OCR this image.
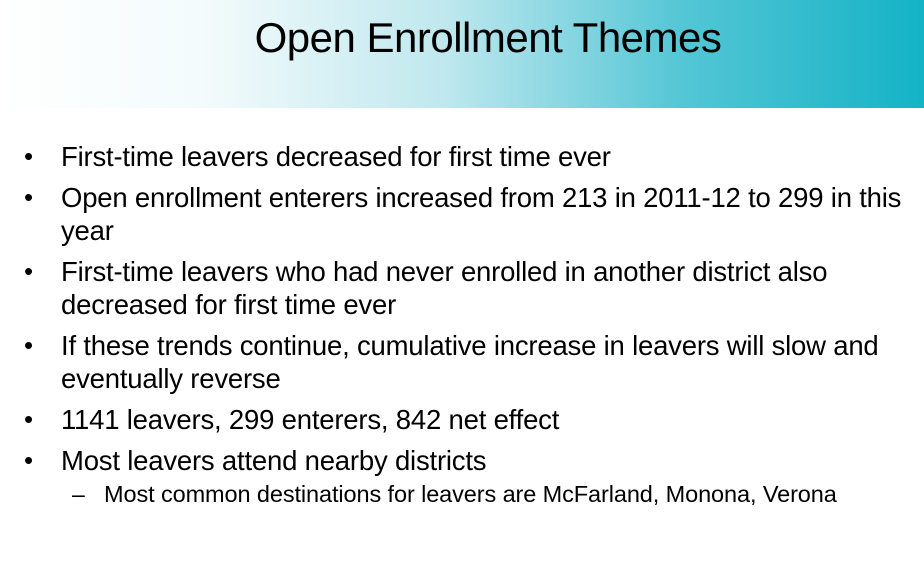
Open Enrollment Themes
• First-time leavers decreased for first time ever
• Open enrollment enterers increased from 213 in 2011-12 to 299 in this year
• First-time leavers who had never enrolled in another district also decreased for first time ever
• If these trends continue, cumulative increase in leavers will slow and eventually reverse
• 1141 leavers, 299 enterers, 842 net effect
• Most leavers attend nearby districts
– Most common destinations for leavers are McFarland, Monona, Verona
